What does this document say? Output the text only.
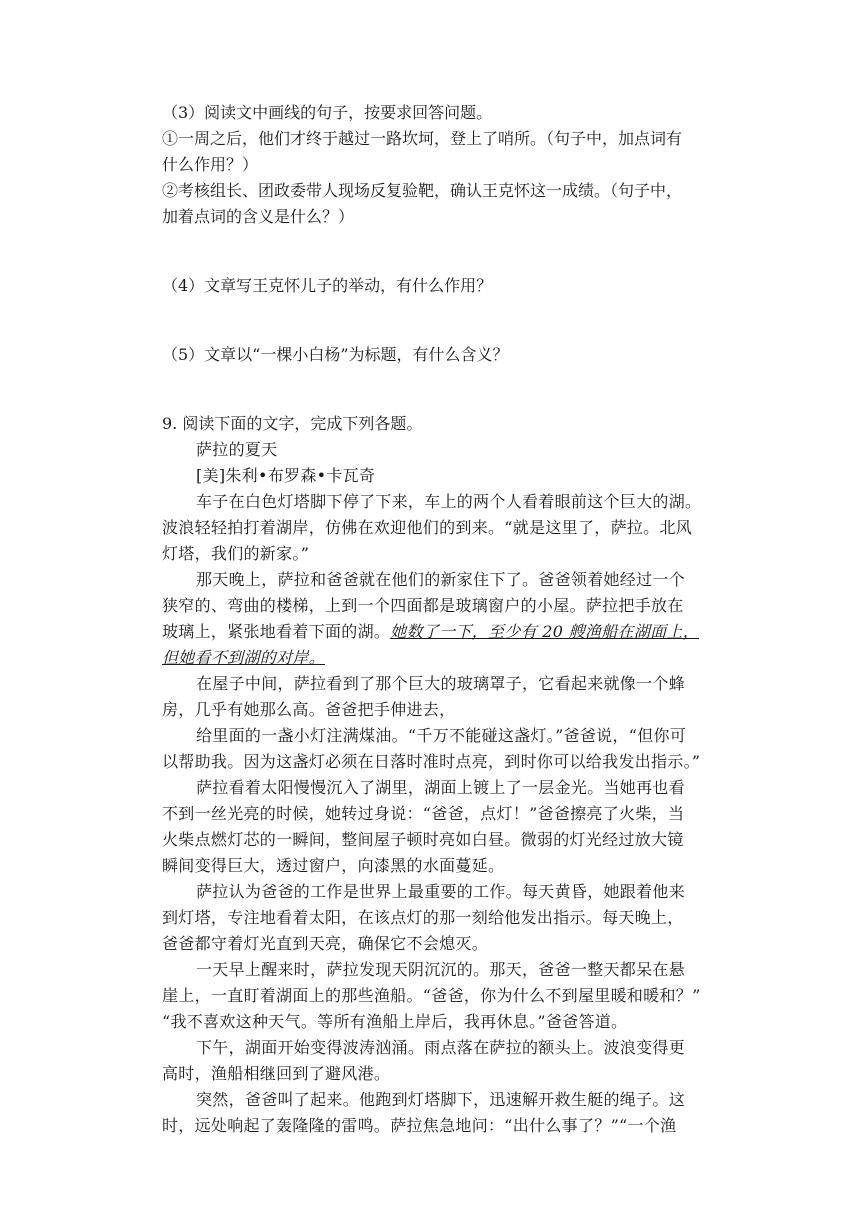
（3）阅读文中画线的句子，按要求回答问题。
①一周之后，他们才终于越过一路坎坷，登上了哨所。（句子中，加点词有
什么作用？）
②考核组长、团政委带人现场反复验靶，确认王克怀这一成绩。（句子中，
加着点词的含义是什么？）
（4）文章写王克怀儿子的举动，有什么作用？
（5）文章以“一棵小白杨”为标题，有什么含义？
9. 阅读下面的文字，完成下列各题。
萨拉的夏天
[美]朱利•布罗森•卡瓦奇
车子在白色灯塔脚下停了下来，车上的两个人看着眼前这个巨大的湖。
波浪轻轻拍打着湖岸，仿佛在欢迎他们的到来。“就是这里了，萨拉。北风
灯塔，我们的新家。”
那天晚上，萨拉和爸爸就在他们的新家住下了。爸爸领着她经过一个
狭窄的、弯曲的楼梯，上到一个四面都是玻璃窗户的小屋。萨拉把手放在
玻璃上，紧张地看着下面的湖。她数了一下，至少有 20 艘渔船在湖面上，
但她看不到湖的对岸。
在屋子中间，萨拉看到了那个巨大的玻璃罩子，它看起来就像一个蜂
房，几乎有她那么高。爸爸把手伸进去，
给里面的一盏小灯注满煤油。“千万不能碰这盏灯。”爸爸说，“但你可
以帮助我。因为这盏灯必须在日落时准时点亮，到时你可以给我发出指示。”
萨拉看着太阳慢慢沉入了湖里，湖面上镀上了一层金光。当她再也看
不到一丝光亮的时候，她转过身说：“爸爸，点灯！”爸爸擦亮了火柴，当
火柴点燃灯芯的一瞬间，整间屋子顿时亮如白昼。微弱的灯光经过放大镜
瞬间变得巨大，透过窗户，向漆黑的水面蔓延。
萨拉认为爸爸的工作是世界上最重要的工作。每天黄昏，她跟着他来
到灯塔，专注地看着太阳，在该点灯的那一刻给他发出指示。每天晚上，
爸爸都守着灯光直到天亮，确保它不会熄灭。
一天早上醒来时，萨拉发现天阴沉沉的。那天，爸爸一整天都呆在悬
崖上，一直盯着湖面上的那些渔船。“爸爸，你为什么不到屋里暖和暖和？”
“我不喜欢这种天气。等所有渔船上岸后，我再休息。”爸爸答道。
下午，湖面开始变得波涛汹涌。雨点落在萨拉的额头上。波浪变得更
高时，渔船相继回到了避风港。
突然，爸爸叫了起来。他跑到灯塔脚下，迅速解开救生艇的绳子。这
时，远处响起了轰隆隆的雷鸣。萨拉焦急地问：“出什么事了？”“一个渔
